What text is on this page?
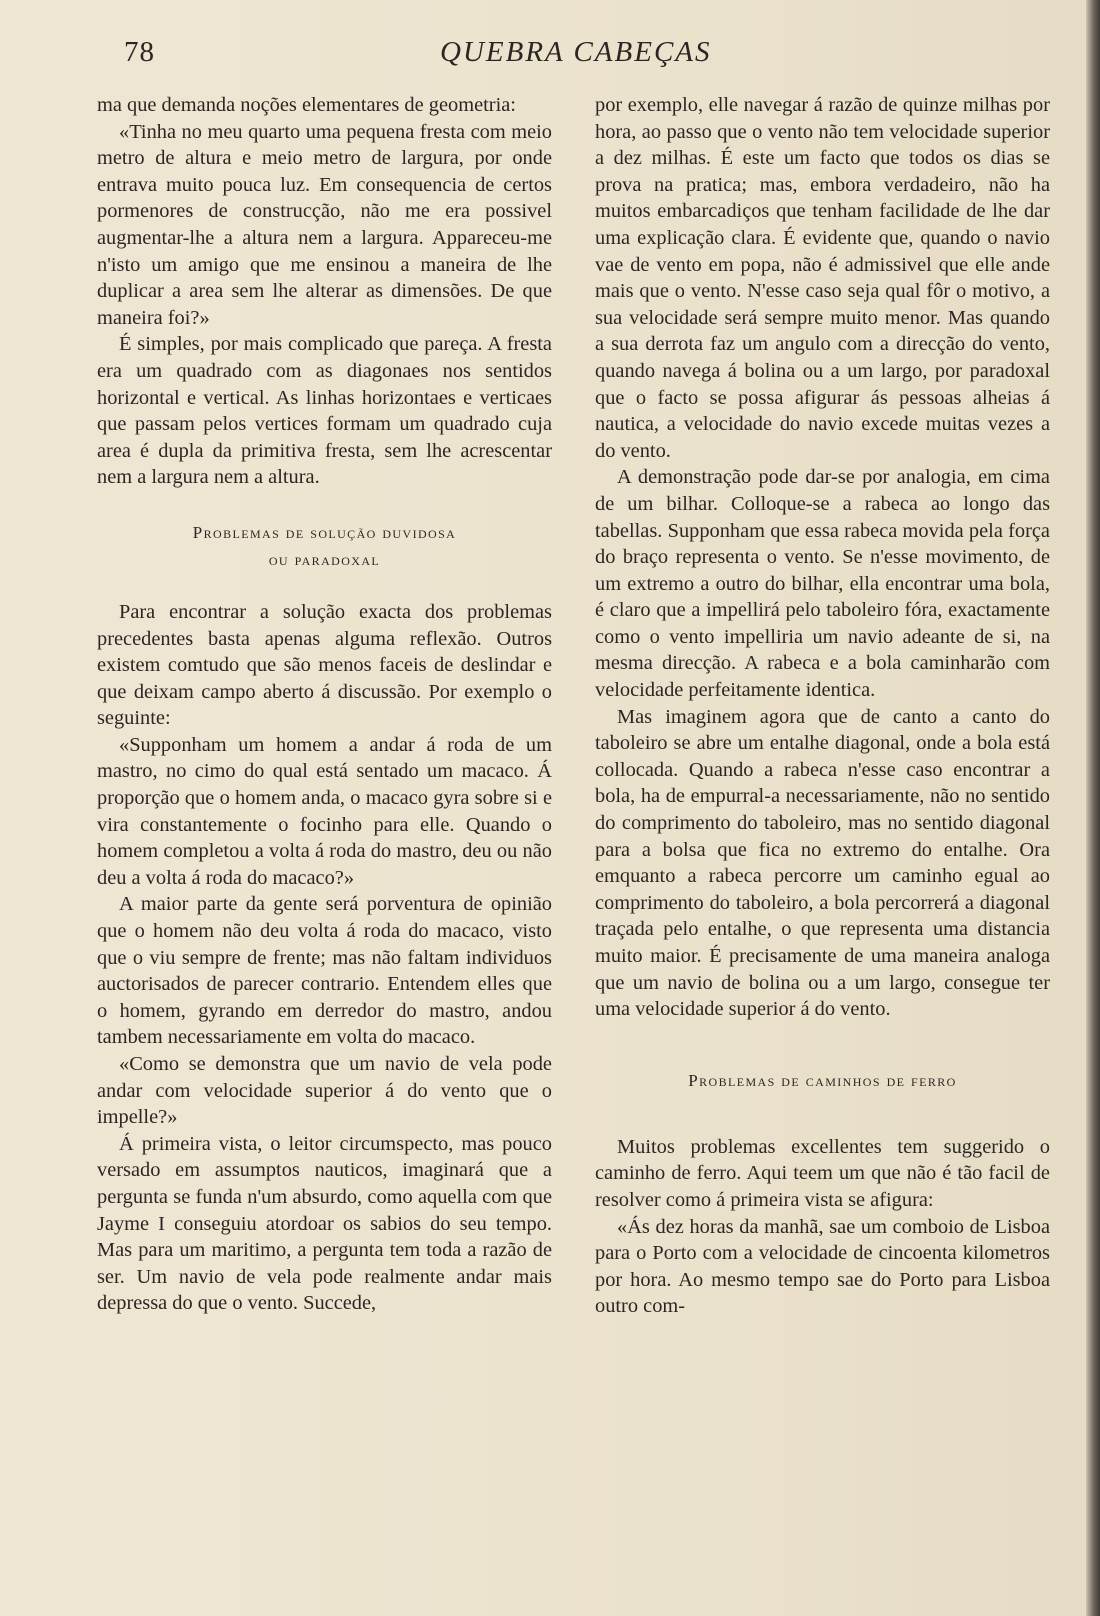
78	QUEBRA CABEÇAS

ma que demanda noções elementares de geometria:

«Tinha no meu quarto uma pequena fresta com meio metro de altura e meio metro de largura, por onde entrava muito pouca luz. Em consequencia de certos pormenores de construcção, não me era possivel augmentar-lhe a altura nem a largura. Appareceu-me n'isto um amigo que me ensinou a maneira de lhe duplicar a area sem lhe alterar as dimensões. De que maneira foi?»

É simples, por mais complicado que pareça. A fresta era um quadrado com as diagonaes nos sentidos horizontal e vertical. As linhas horizontaes e verticaes que passam pelos vertices formam um quadrado cuja area é dupla da primitiva fresta, sem lhe acrescentar nem a largura nem a altura.

Problemas de solução duvidosa
ou paradoxal

Para encontrar a solução exacta dos problemas precedentes basta apenas alguma reflexão. Outros existem comtudo que são menos faceis de deslindar e que deixam campo aberto á discussão. Por exemplo o seguinte:

«Supponham um homem a andar á roda de um mastro, no cimo do qual está sentado um macaco. Á proporção que o homem anda, o macaco gyra sobre si e vira constantemente o focinho para elle. Quando o homem completou a volta á roda do mastro, deu ou não deu a volta á roda do macaco?»

A maior parte da gente será porventura de opinião que o homem não deu volta á roda do macaco, visto que o viu sempre de frente; mas não faltam individuos auctorisados de parecer contrario. Entendem elles que o homem, gyrando em derredor do mastro, andou tambem necessariamente em volta do macaco.

«Como se demonstra que um navio de vela pode andar com velocidade superior á do vento que o impelle?»

Á primeira vista, o leitor circumspecto, mas pouco versado em assumptos nauticos, imaginará que a pergunta se funda n'um absurdo, como aquella com que Jayme I conseguiu atordoar os sabios do seu tempo. Mas para um maritimo, a pergunta tem toda a razão de ser. Um navio de vela pode realmente andar mais depressa do que o vento. Succede,

por exemplo, elle navegar á razão de quinze milhas por hora, ao passo que o vento não tem velocidade superior a dez milhas. É este um facto que todos os dias se prova na pratica; mas, embora verdadeiro, não ha muitos embarcadiços que tenham facilidade de lhe dar uma explicação clara. É evidente que, quando o navio vae de vento em popa, não é admissivel que elle ande mais que o vento. N'esse caso seja qual fôr o motivo, a sua velocidade será sempre muito menor. Mas quando a sua derrota faz um angulo com a direcção do vento, quando navega á bolina ou a um largo, por paradoxal que o facto se possa afigurar ás pessoas alheias á nautica, a velocidade do navio excede muitas vezes a do vento.

A demonstração pode dar-se por analogia, em cima de um bilhar. Colloque-se a rabeca ao longo das tabellas. Supponham que essa rabeca movida pela força do braço representa o vento. Se n'esse movimento, de um extremo a outro do bilhar, ella encontrar uma bola, é claro que a impellirá pelo taboleiro fóra, exactamente como o vento impelliria um navio adeante de si, na mesma direcção. A rabeca e a bola caminharão com velocidade perfeitamente identica.

Mas imaginem agora que de canto a canto do taboleiro se abre um entalhe diagonal, onde a bola está collocada. Quando a rabeca n'esse caso encontrar a bola, ha de empurral-a necessariamente, não no sentido do comprimento do taboleiro, mas no sentido diagonal para a bolsa que fica no extremo do entalhe. Ora emquanto a rabeca percorre um caminho egual ao comprimento do taboleiro, a bola percorrerá a diagonal traçada pelo entalhe, o que representa uma distancia muito maior. É precisamente de uma maneira analoga que um navio de bolina ou a um largo, consegue ter uma velocidade superior á do vento.

Problemas de caminhos de ferro

Muitos problemas excellentes tem suggerido o caminho de ferro. Aqui teem um que não é tão facil de resolver como á primeira vista se afigura:

«Ás dez horas da manhã, sae um comboio de Lisboa para o Porto com a velocidade de cincoenta kilometros por hora. Ao mesmo tempo sae do Porto para Lisboa outro com-
